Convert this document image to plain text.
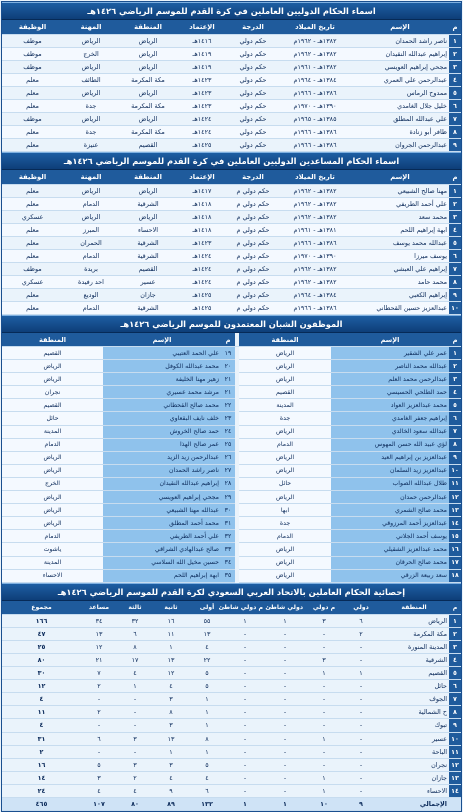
اسماء الحكام الدوليين العاملين في كرة القدم للموسم الرياضي ١٤٢٦هـ
م	الإسم	تاريخ الميلاد	الدرجة	الإعتماد	المنطقة	المهنة	الوظيفة
١	ناصر راشد الحمدان	١٣٨٢هـ - ١٩٦٢م	حكم دولي	١٤١٦هـ	الرياض	الرياض	موظف
٢	إبراهيم عبدالله النقيدان	١٣٨٢هـ - ١٩٦٢م	حكم دولي	١٤١٩هـ	الرياض	الخرج	موظف
٣	مجحي إبراهيم العويسي	١٣٨٢هـ - ١٩٦١م	حكم دولي	١٤١٩هـ	الرياض	الرياض	موظف
٤	عبدالرحمن علي العمري	١٣٨٤هـ - ١٩٦٤م	حكم دولي	١٤٢٣هـ	مكة المكرمة	الطائف	معلم
٥	ممدوح الرماس	١٣٨٦هـ - ١٩٦٦م	حكم دولي	١٤٢٣هـ	الرياض	الرياض	معلم
٦	خليل جلال الغامدي	١٣٩٠هـ - ١٩٧٠م	حكم دولي	١٤٢٣هـ	مكة المكرمة	جدة	معلم
٧	علي عبدالله المطلق	١٣٨٥هـ - ١٩٦٥م	حكم دولي	١٤٢٤هـ	الرياض	الرياض	موظف
٨	ظافر أبو زنادة	١٣٨٦هـ - ١٩٦٦م	حكم دولي	١٤٢٤هـ	مكة المكرمة	جدة	معلم
٩	عبدالرحمن الجروان	١٣٨٦هـ - ١٩٦٦م	حكم دولي	١٤٢٥هـ	القصيم	عنيزة	معلم
اسماء الحكام المساعدين الدوليين العاملين في كرة القدم للموسم الرياضي ١٤٢٦هـ
م	الإسم	تاريخ الميلاد	الدرجة	الإعتماد	المنطقة	المهنة	الوظيفة
١	مهنا صالح الشبيعي	١٣٨٢هـ - ١٩٦٢م	حكم دولي م	١٤١٧هـ	الرياض	الرياض	معلم
٢	علي أحمد الطريفي	١٣٨٢هـ - ١٩٦٢م	حكم دولي م	١٤١٨هـ	الشرقية	الدمام	معلم
٣	محمد سعد	١٣٨٢هـ - ١٩٦٢م	حكم دولي م	١٤١٨هـ	الرياض	الرياض	عسكري
٤	ابهة إبراهيم اللحم	١٣٨١هـ - ١٩٦١م	حكم دولي م	١٤١٨هـ	الاحساء	المبرز	معلم
٥	عبدالله محمد يوسف	١٣٨٦هـ - ١٩٦٦م	حكم دولي م	١٤٢٣هـ	الشرقية	الحمران	معلم
٦	يوسف ميرزا	١٣٩٠هـ - ١٩٧٠م	حكم دولي م	١٤٢٤هـ	الشرقية	الدمام	معلم
٧	إبراهيم علي العبشي	١٣٨٢هـ - ١٩٦٢م	حكم دولي م	١٤٢٤هـ	القصيم	بريدة	موظف
٨	محمد حامد	١٣٨٢هـ - ١٩٦٢م	حكم دولي م	١٤٢٤هـ	عسير	احد رفيدة	عسكري
٩	إبراهيم الكعبي	١٣٨٤هـ - ١٩٦٤م	حكم دولي م	١٤٢٥هـ	جازان	الوديع	معلم
١٠	عبدالعزيز حسين القحطاني	١٣٨٦هـ - ١٩٦٦م	حكم دولي م	١٤٢٥هـ	الشرقية	الدمام	معلم
الموظفون الشبان المعتمدون للموسم الرياضي ١٤٢٦هـ
م	الإسم	المنطقة		م	الإسم	المنطقة
١	عمر علي الشقير	الرياض		١٩	علي الحمد العتيبي	القصيم
٢	عبدالله محمد الناصر	الرياض		٢٠	محمد عبدالله الكوفل	الرياض
٣	عبدالرحمن محمد العلم	الرياض		٢١	زهير مهنا الخليفة	الرياض
٤	حمد الطلحي الحسيسي	القصيم		٢١	مرشد محمد عسيري	نجران
٥	محمد عبدالعزيز العواد	المدينة		٢٢	محمد صالح القحطاني	القصيم
٦	إبراهيم جعفر الغامدي	جدة		٢٣	خلف نايف البقعاوي	حائل
٧	عبدالله سعود الخالدي	الرياض		٢٤	حمد صالح الخروش	المدينة
٨	لؤي عبيد الله حسن المهوس	الدمام		٢٥	عمر صالح الهذا	الدمام
٩	عبدالعزيز بن إبراهيم العيد	الرياض		٢٦	عبدالرحمن زيد الزيد	الرياض
١٠	عبدالعزيز زيد السلمان	الرياض		٢٧	ناصر راشد الحمدان	الرياض
١١	طلال عبدالله الصواب	حائل		٢٨	إبراهيم عبدالله النقيدان	الخرج
١٢	عبدالرحمن حمدان	الرياض		٢٩	مجحي إبراهيم العويسي	الرياض
١٣	محمد صالح الشمري	ابها		٣٠	عبدالله مهنا الشبيعي	الرياض
١٤	عبدالعزيز أحمد المرزوقي	جدة		٣١	محمد أحمد المطلق	الرياض
١٥	يوسف أحمد الجلاني	الدمام		٣٢	علي أحمد الطريفي	الدمام
١٦	محمد عبدالعزيز الشقيلي	الرياض		٣٣	صالح عبدالهادي الشراقي	ياشوت
١٧	محمد صالح الحرقان	الرياض		٣٤	حسين مخيل الله السلاسي	المدينة
١٨	سعد ربيعة الزرقي	الرياض		٣٥	ابهة إبراهيم اللحم	الاحساء
إحصائية الحكام العاملين بالاتحاد العربي السعودي لكرة القدم للموسم الرياضي ١٤٢٦هـ
م	المنطقة	دولي	م دولي	دولي شاطئ	م دولي شاطئ	أولى	ثانية	ثالثة	مساعد	مجموع
١	الرياض	٦	٣	١	١	٥٥	١٦	٣٢	٣٤	١٦٦
٢	مكة المكرمة	٢	-	-	-	١٣	١١	٦	١٣	٤٧
٣	المدينة المنورة	-	-	-	-	٤	١	٨	١٢	٢٥
٤	الشرقية	-	٣	-	-	٢٢	١٣	١٧	٢١	٨٠
٥	القصيم	١	١	-	-	٥	١٢	٤	٧	٣٠
٦	حائل	-	-	-	-	٥	٤	١	٢	١٢
٧	الجوف	-	-	-	-	١	٣	-	-	٤
٨	ح الشمالية	-	-	-	-	١	٨	-	٢	١١
٩	تبوك	-	-	-	-	١	٣	-	-	٤
١٠	عسير	-	١	-	-	٨	١٣	٣	٦	٣١
١١	الباحة	-	-	-	-	١	١	-	-	٢
١٢	نجران	-	-	-	-	٥	٣	٣	٥	١٦
١٣	جازان	-	١	-	-	٤	٤	٢	٣	١٤
١٤	الاحساء	-	١	-	-	٦	٩	٤	٤	٢٤
	الإجمالي	٩	١٠	١	١	١٣٢	٨٩	٨٠	١٠٧	٤٦٥
